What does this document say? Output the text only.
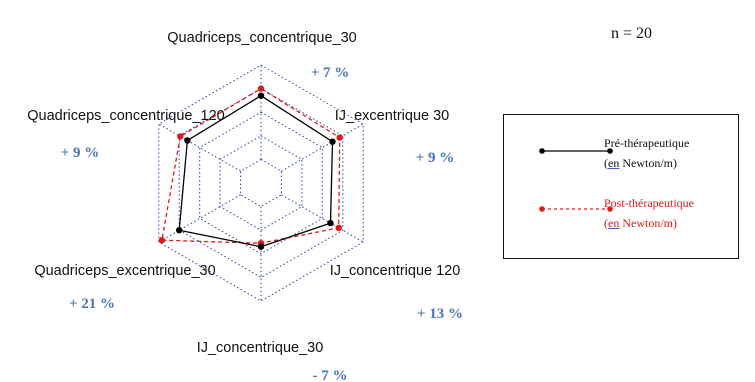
Quadriceps_concentrique_30
IJ_excentrique 30
IJ_concentrique 120
IJ_concentrique_30
Quadriceps_excentrique_30
Quadriceps_concentrique_120
+ 7 %
+ 9 %
+ 13 %
- 7 %
+ 21 %
+ 9 %
n = 20
Pré-thérapeutique
(en Newton/m)
Post-thérapeutique
(en Newton/m)
